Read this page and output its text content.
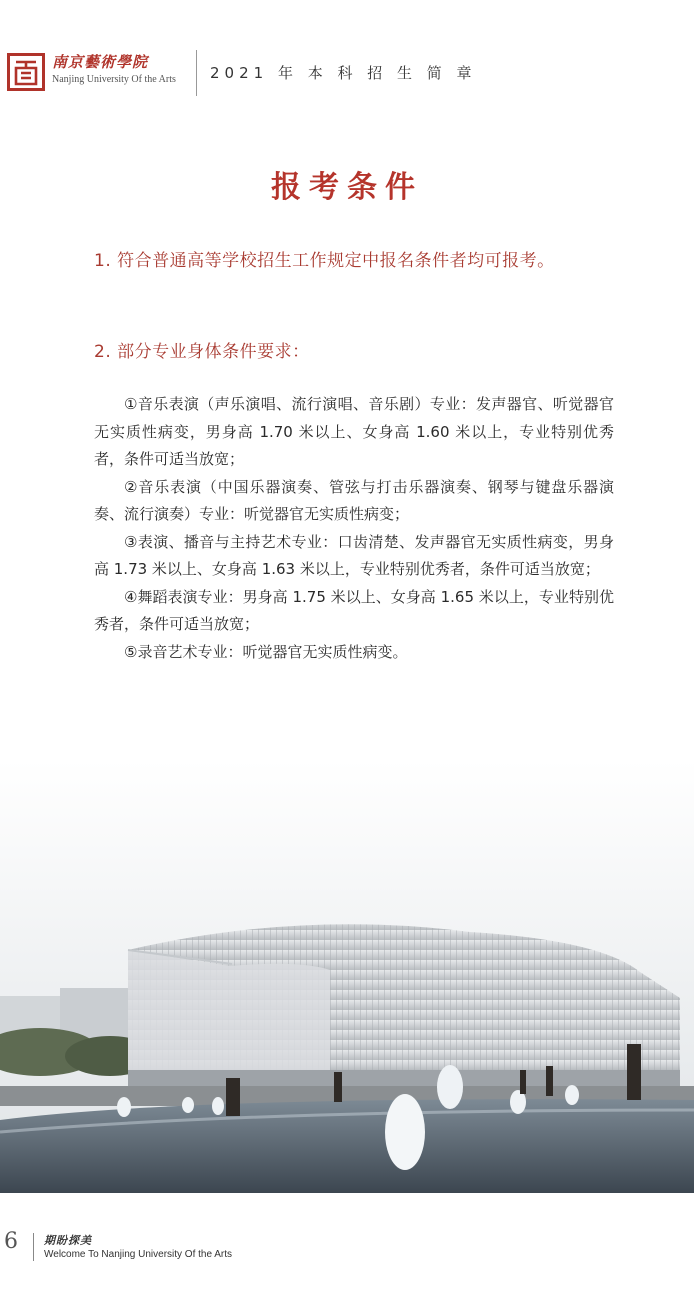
南京藝術學院
Nanjing University Of the Arts 2021 年 本 科 招 生 简 章
报考条件
1. 符合普通高等学校招生工作规定中报名条件者均可报考。
2. 部分专业身体条件要求：

①音乐表演（声乐演唱、流行演唱、音乐剧）专业：发声器官、听觉器官无实质性病变，男身高 1.70 米以上、女身高 1.60 米以上，专业特别优秀者，条件可适当放宽；

②音乐表演（中国乐器演奏、管弦与打击乐器演奏、钢琴与键盘乐器演奏、流行演奏）专业：听觉器官无实质性病变；

③表演、播音与主持艺术专业：口齿清楚、发声器官无实质性病变，男身高 1.73 米以上、女身高 1.63 米以上，专业特别优秀者，条件可适当放宽；

④舞蹈表演专业：男身高 1.75 米以上、女身高 1.65 米以上，专业特别优秀者，条件可适当放宽；

⑤录音艺术专业：听觉器官无实质性病变。

6 期盼探美
Welcome To Nanjing University Of the Arts
